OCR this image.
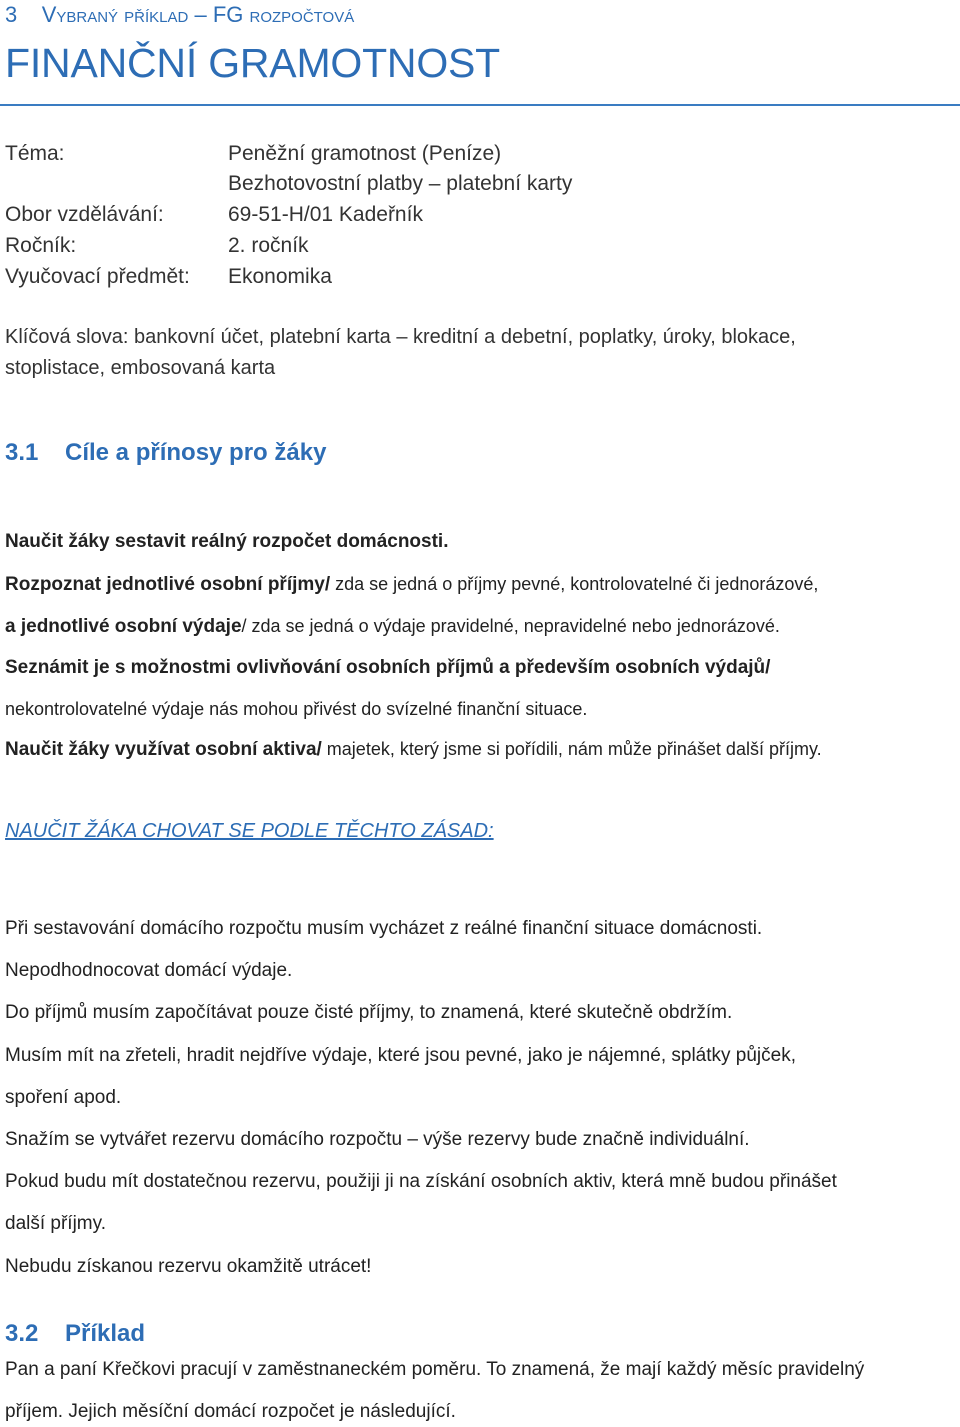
3 Vybraný příklad – FG rozpočtová
FINANČNÍ GRAMOTNOST
Téma:	Peněžní gramotnost (Peníze)
Bezhotovostní platby – platební karty
Obor vzdělávání:	69-51-H/01 Kadeřník
Ročník:	2. ročník
Vyučovací předmět: Ekonomika
Klíčová slova: bankovní účet, platební karta – kreditní a debetní, poplatky, úroky, blokace,
stoplistace, embosovaná karta
3.1 Cíle a přínosy pro žáky
Naučit žáky sestavit reálný rozpočet domácnosti.
Rozpoznat jednotlivé osobní příjmy/ zda se jedná o příjmy pevné, kontrolovatelné či jednorázové,
a jednotlivé osobní výdaje/ zda se jedná o výdaje pravidelné, nepravidelné nebo jednorázové.
Seznámit je s možnostmi ovlivňování osobních příjmů a především osobních výdajů/
nekontrolovatelné výdaje nás mohou přivést do svízelné finanční situace.
Naučit žáky využívat osobní aktiva/ majetek, který jsme si pořídili, nám může přinášet další příjmy.
NAUČIT ŽÁKA CHOVAT SE PODLE TĚCHTO ZÁSAD:
Při sestavování domácího rozpočtu musím vycházet z reálné finanční situace domácnosti.
Nepodhodnocovat domácí výdaje.
Do příjmů musím započítávat pouze čisté příjmy, to znamená, které skutečně obdržím.
Musím mít na zřeteli, hradit nejdříve výdaje, které jsou pevné, jako je nájemné, splátky půjček,
spoření apod.
Snažím se vytvářet rezervu domácího rozpočtu – výše rezervy bude značně individuální.
Pokud budu mít dostatečnou rezervu, použiji ji na získání osobních aktiv, která mně budou přinášet
další příjmy.
Nebudu získanou rezervu okamžitě utrácet!
3.2 Příklad
Pan a paní Křečkovi pracují v zaměstnaneckém poměru. To znamená, že mají každý měsíc pravidelný
příjem. Jejich měsíční domácí rozpočet je následující.
